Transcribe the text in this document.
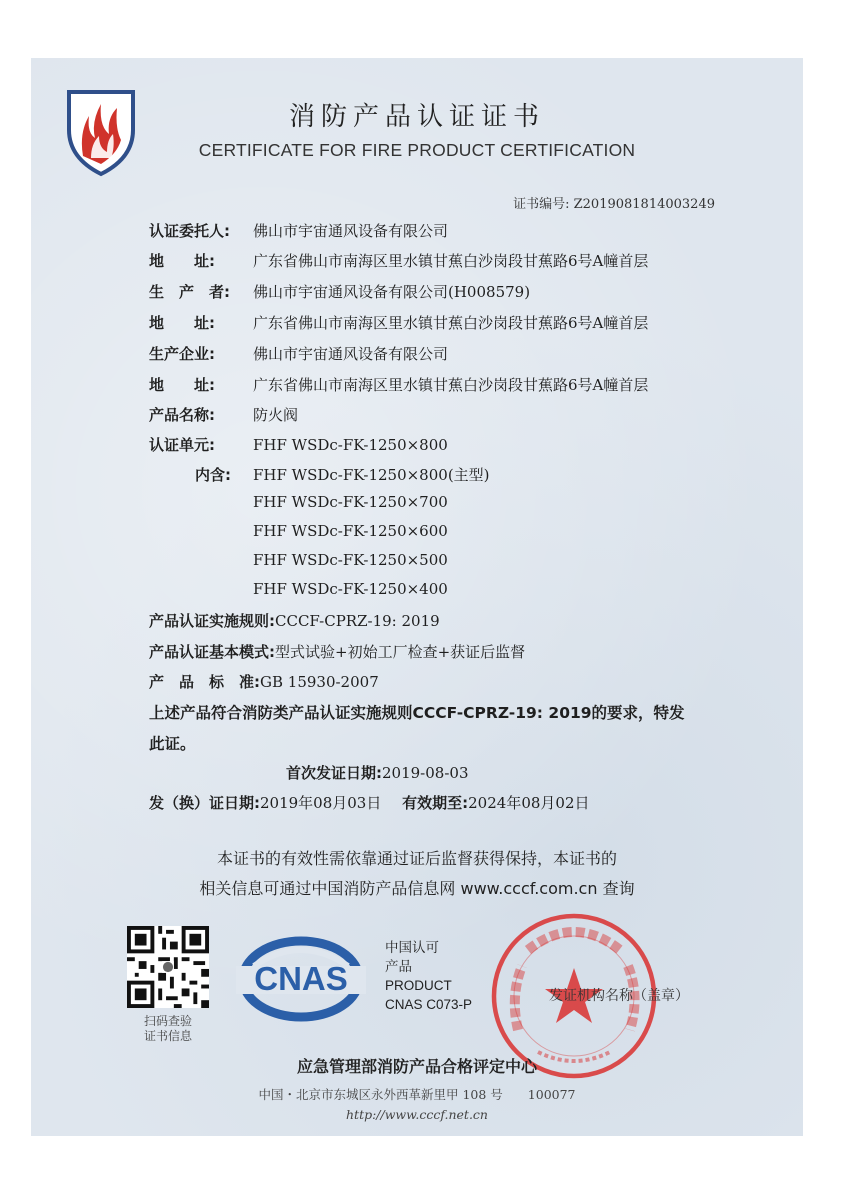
消防产品认证证书
CERTIFICATE FOR FIRE PRODUCT CERTIFICATION
证书编号: Z2019081814003249
认证委托人: 佛山市宇宙通风设备有限公司
地　　址:	广东省佛山市南海区里水镇甘蕉白沙岗段甘蕉路6号A幢首层
生　产　者: 佛山市宇宙通风设备有限公司(H008579)
地　　址:	广东省佛山市南海区里水镇甘蕉白沙岗段甘蕉路6号A幢首层
生产企业:	佛山市宇宙通风设备有限公司
地　　址:	广东省佛山市南海区里水镇甘蕉白沙岗段甘蕉路6号A幢首层
产品名称:	防火阀
认证单元:	FHF WSDc-FK-1250×800
内含: FHF WSDc-FK-1250×800(主型)
FHF WSDc-FK-1250×700
FHF WSDc-FK-1250×600
FHF WSDc-FK-1250×500
FHF WSDc-FK-1250×400
产品认证实施规则:CCCF-CPRZ-19: 2019
产品认证基本模式:型式试验+初始工厂检查+获证后监督
产　品　标　准:GB 15930-2007
上述产品符合消防类产品认证实施规则CCCF-CPRZ-19: 2019的要求，特发
此证。
首次发证日期:2019-08-03
发（换）证日期:2019年08月03日 有效期至:2024年08月02日
本证书的有效性需依靠通过证后监督获得保持，本证书的
相关信息可通过中国消防产品信息网 www.cccf.com.cn 查询
扫码查验
证书信息
CNAS
中国认可
产品
PRODUCT
CNAS C073-P
发证机构名称（盖章）
应急管理部消防产品合格评定中心
中国・北京市东城区永外西革新里甲 108 号　　100077
http://www.cccf.net.cn
